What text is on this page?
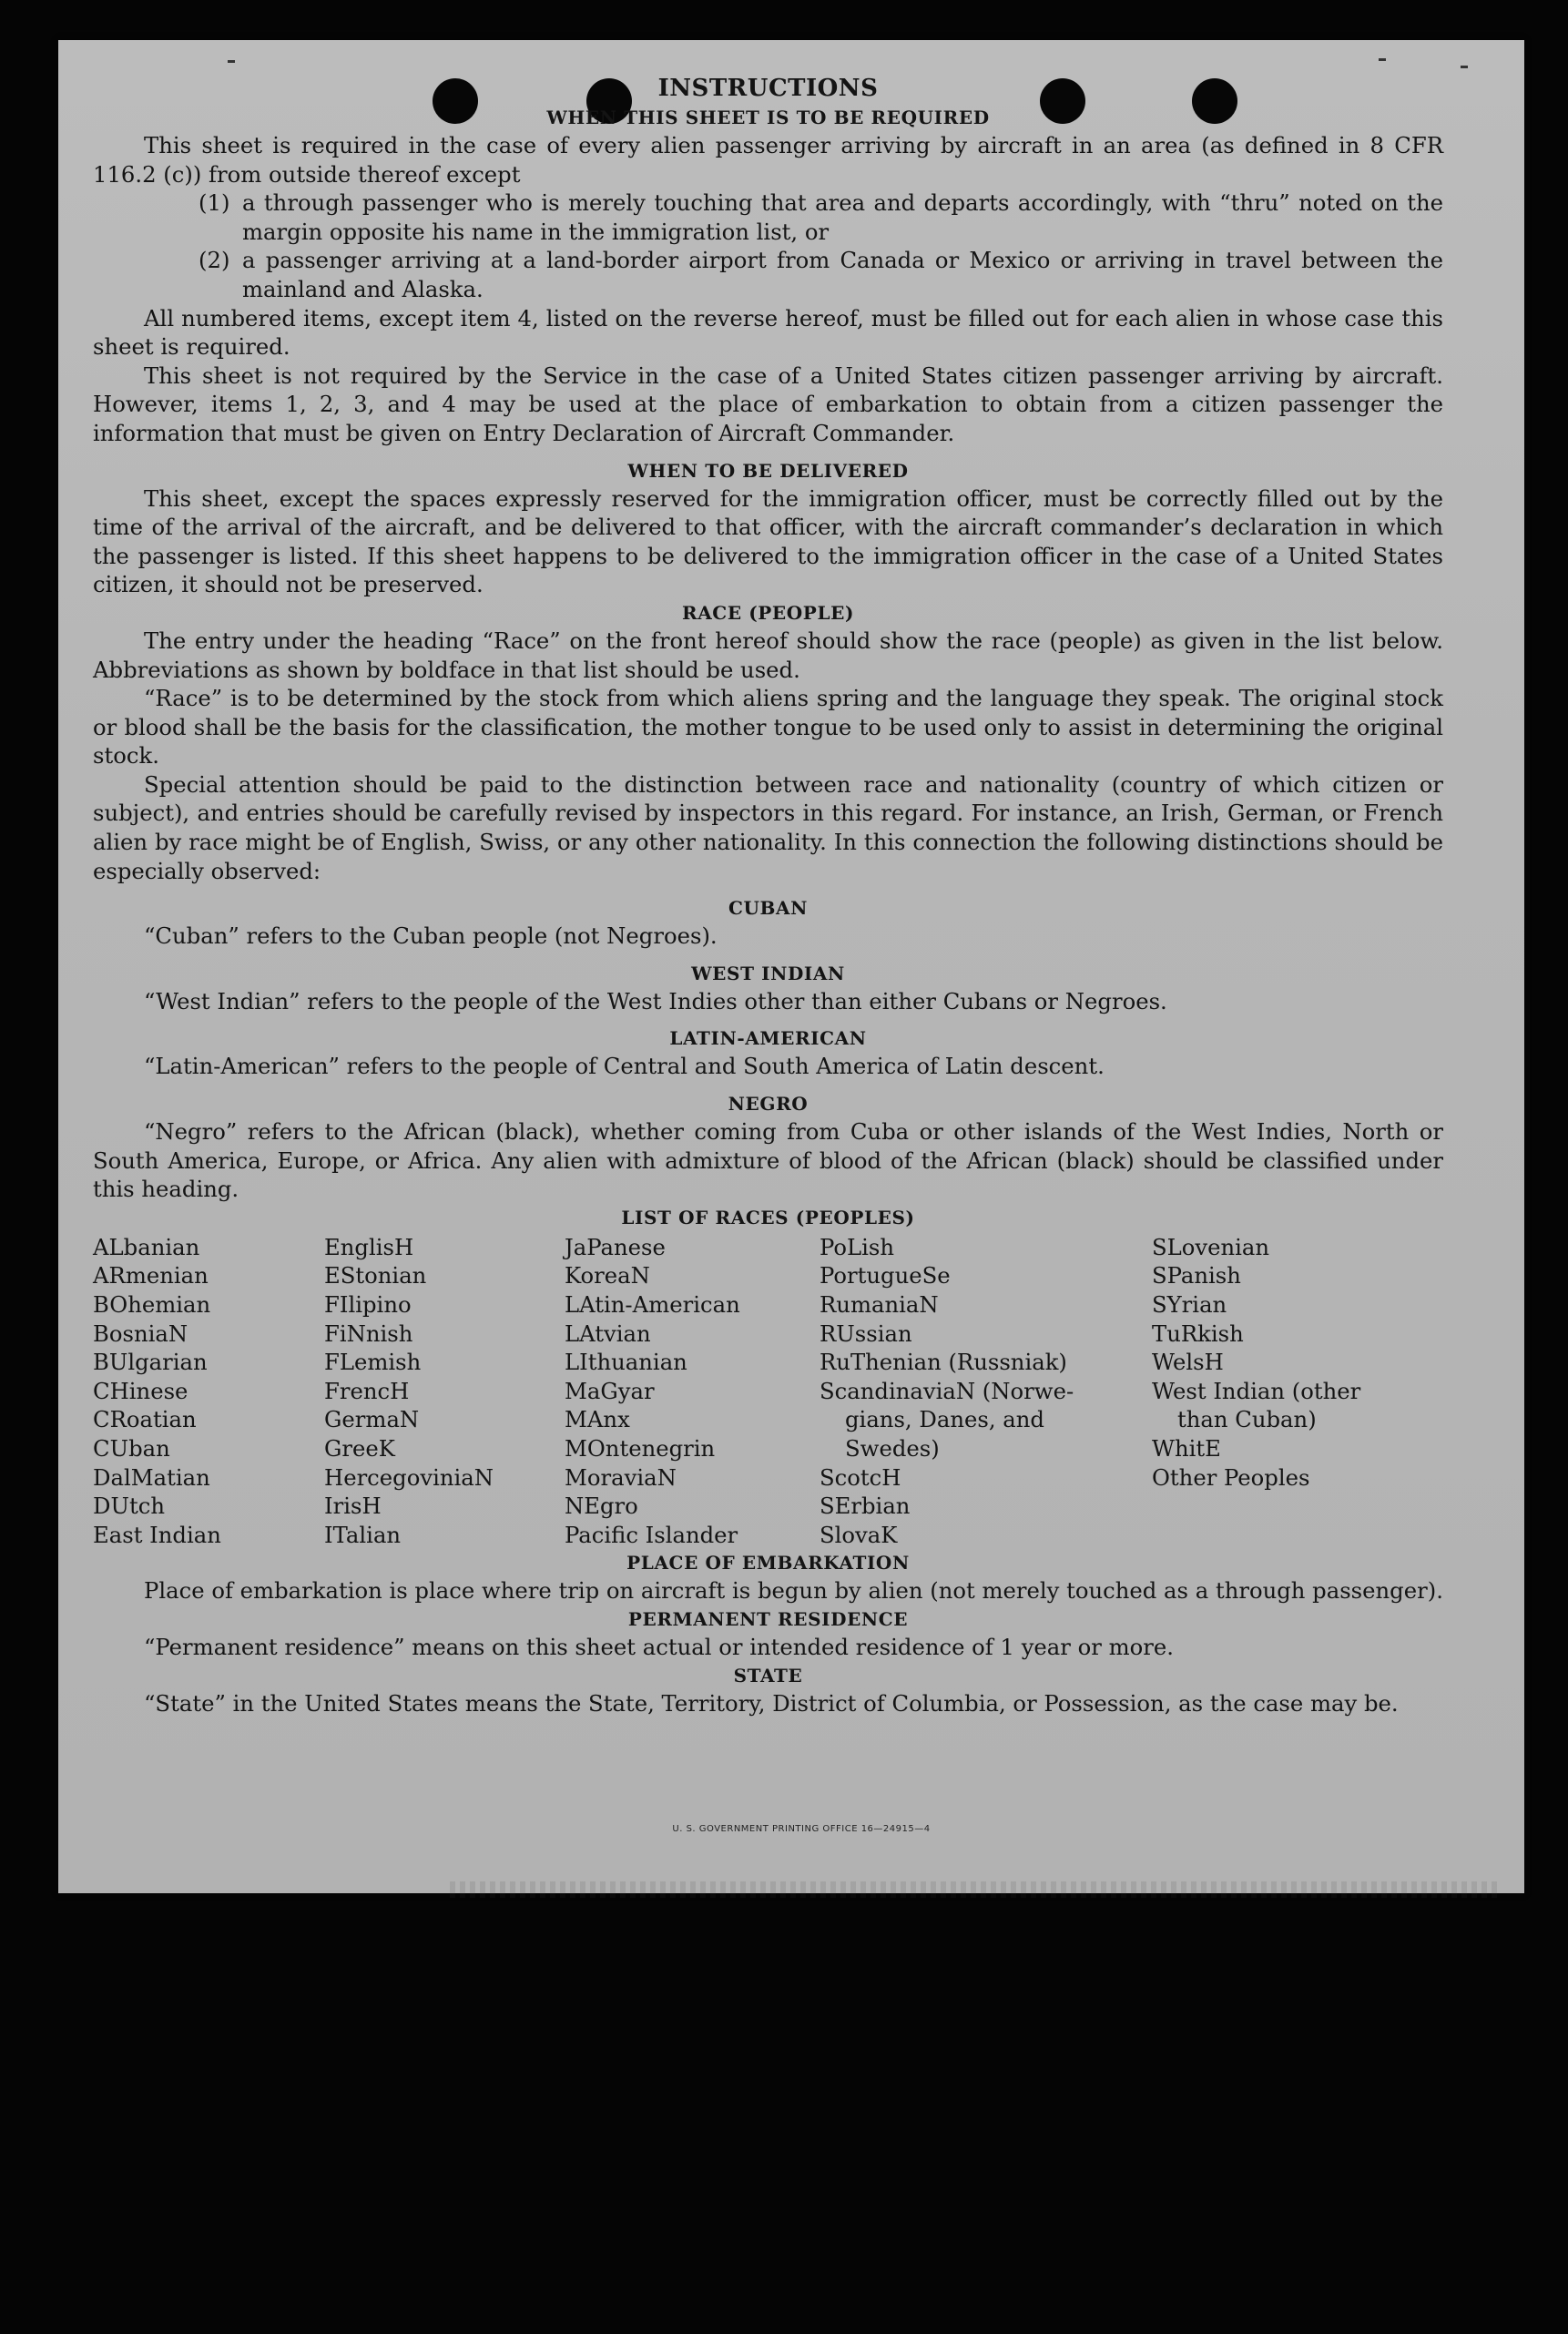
INSTRUCTIONS
WHEN THIS SHEET IS TO BE REQUIRED

This sheet is required in the case of every alien passenger arriving by aircraft in an area (as defined in 8 CFR 116.2 (c)) from outside thereof except

(1) a through passenger who is merely touching that area and departs accordingly, with “thru” noted on the margin opposite his name in the immigration list, or
(2) a passenger arriving at a land-border airport from Canada or Mexico or arriving in travel between the mainland and Alaska.

All numbered items, except item 4, listed on the reverse hereof, must be filled out for each alien in whose case this sheet is required.

This sheet is not required by the Service in the case of a United States citizen passenger arriving by aircraft. However, items 1, 2, 3, and 4 may be used at the place of embarkation to obtain from a citizen passenger the information that must be given on Entry Declaration of Aircraft Commander.

WHEN TO BE DELIVERED

This sheet, except the spaces expressly reserved for the immigration officer, must be correctly filled out by the time of the arrival of the aircraft, and be delivered to that officer, with the aircraft commander’s declaration in which the passenger is listed. If this sheet happens to be delivered to the immigration officer in the case of a United States citizen, it should not be preserved.

RACE (PEOPLE)

The entry under the heading “Race” on the front hereof should show the race (people) as given in the list below. Abbreviations as shown by boldface in that list should be used.

“Race” is to be determined by the stock from which aliens spring and the language they speak. The original stock or blood shall be the basis for the classification, the mother tongue to be used only to assist in determining the original stock.

Special attention should be paid to the distinction between race and nationality (country of which citizen or subject), and entries should be carefully revised by inspectors in this regard. For instance, an Irish, German, or French alien by race might be of English, Swiss, or any other nationality. In this connection the following distinctions should be especially observed:

CUBAN

“Cuban” refers to the Cuban people (not Negroes).

WEST INDIAN

“West Indian” refers to the people of the West Indies other than either Cubans or Negroes.

LATIN-AMERICAN

“Latin-American” refers to the people of Central and South America of Latin descent.

NEGRO

“Negro” refers to the African (black), whether coming from Cuba or other islands of the West Indies, North or South America, Europe, or Africa. Any alien with admixture of blood of the African (black) should be classified under this heading.

LIST OF RACES (PEOPLES)
ALbanian
ARmenian
BOhemian
BosniaN
BUlgarian
CHinese
CRoatian
CUban
DalMatian
DUtch
East Indian
EnglisH
EStonian
FIlipino
FiNnish
FLemish
FrencH
GermaN
GreeK
HercegoviniaN
IrisH
ITalian
JaPanese
KoreaN
LAtin-American
LAtvian
LIthuanian
MaGyar
MAnx
MOntenegrin
MoraviaN
NEgro
Pacific Islander
PoLish
PortugueSe
RumaniaN
RUssian
RuThenian (Russniak)
ScandinaviaN (Norwe-
gians, Danes, and
Swedes)
ScotcH
SErbian
SlovaK
SLovenian
SPanish
SYrian
TuRkish
WelsH
West Indian (other
than Cuban)
WhitE
Other Peoples
PLACE OF EMBARKATION

Place of embarkation is place where trip on aircraft is begun by alien (not merely touched as a through passenger).

PERMANENT RESIDENCE

“Permanent residence” means on this sheet actual or intended residence of 1 year or more.

STATE

“State” in the United States means the State, Territory, District of Columbia, or Possession, as the case may be.

U. S. GOVERNMENT PRINTING OFFICE 16—24915—4
